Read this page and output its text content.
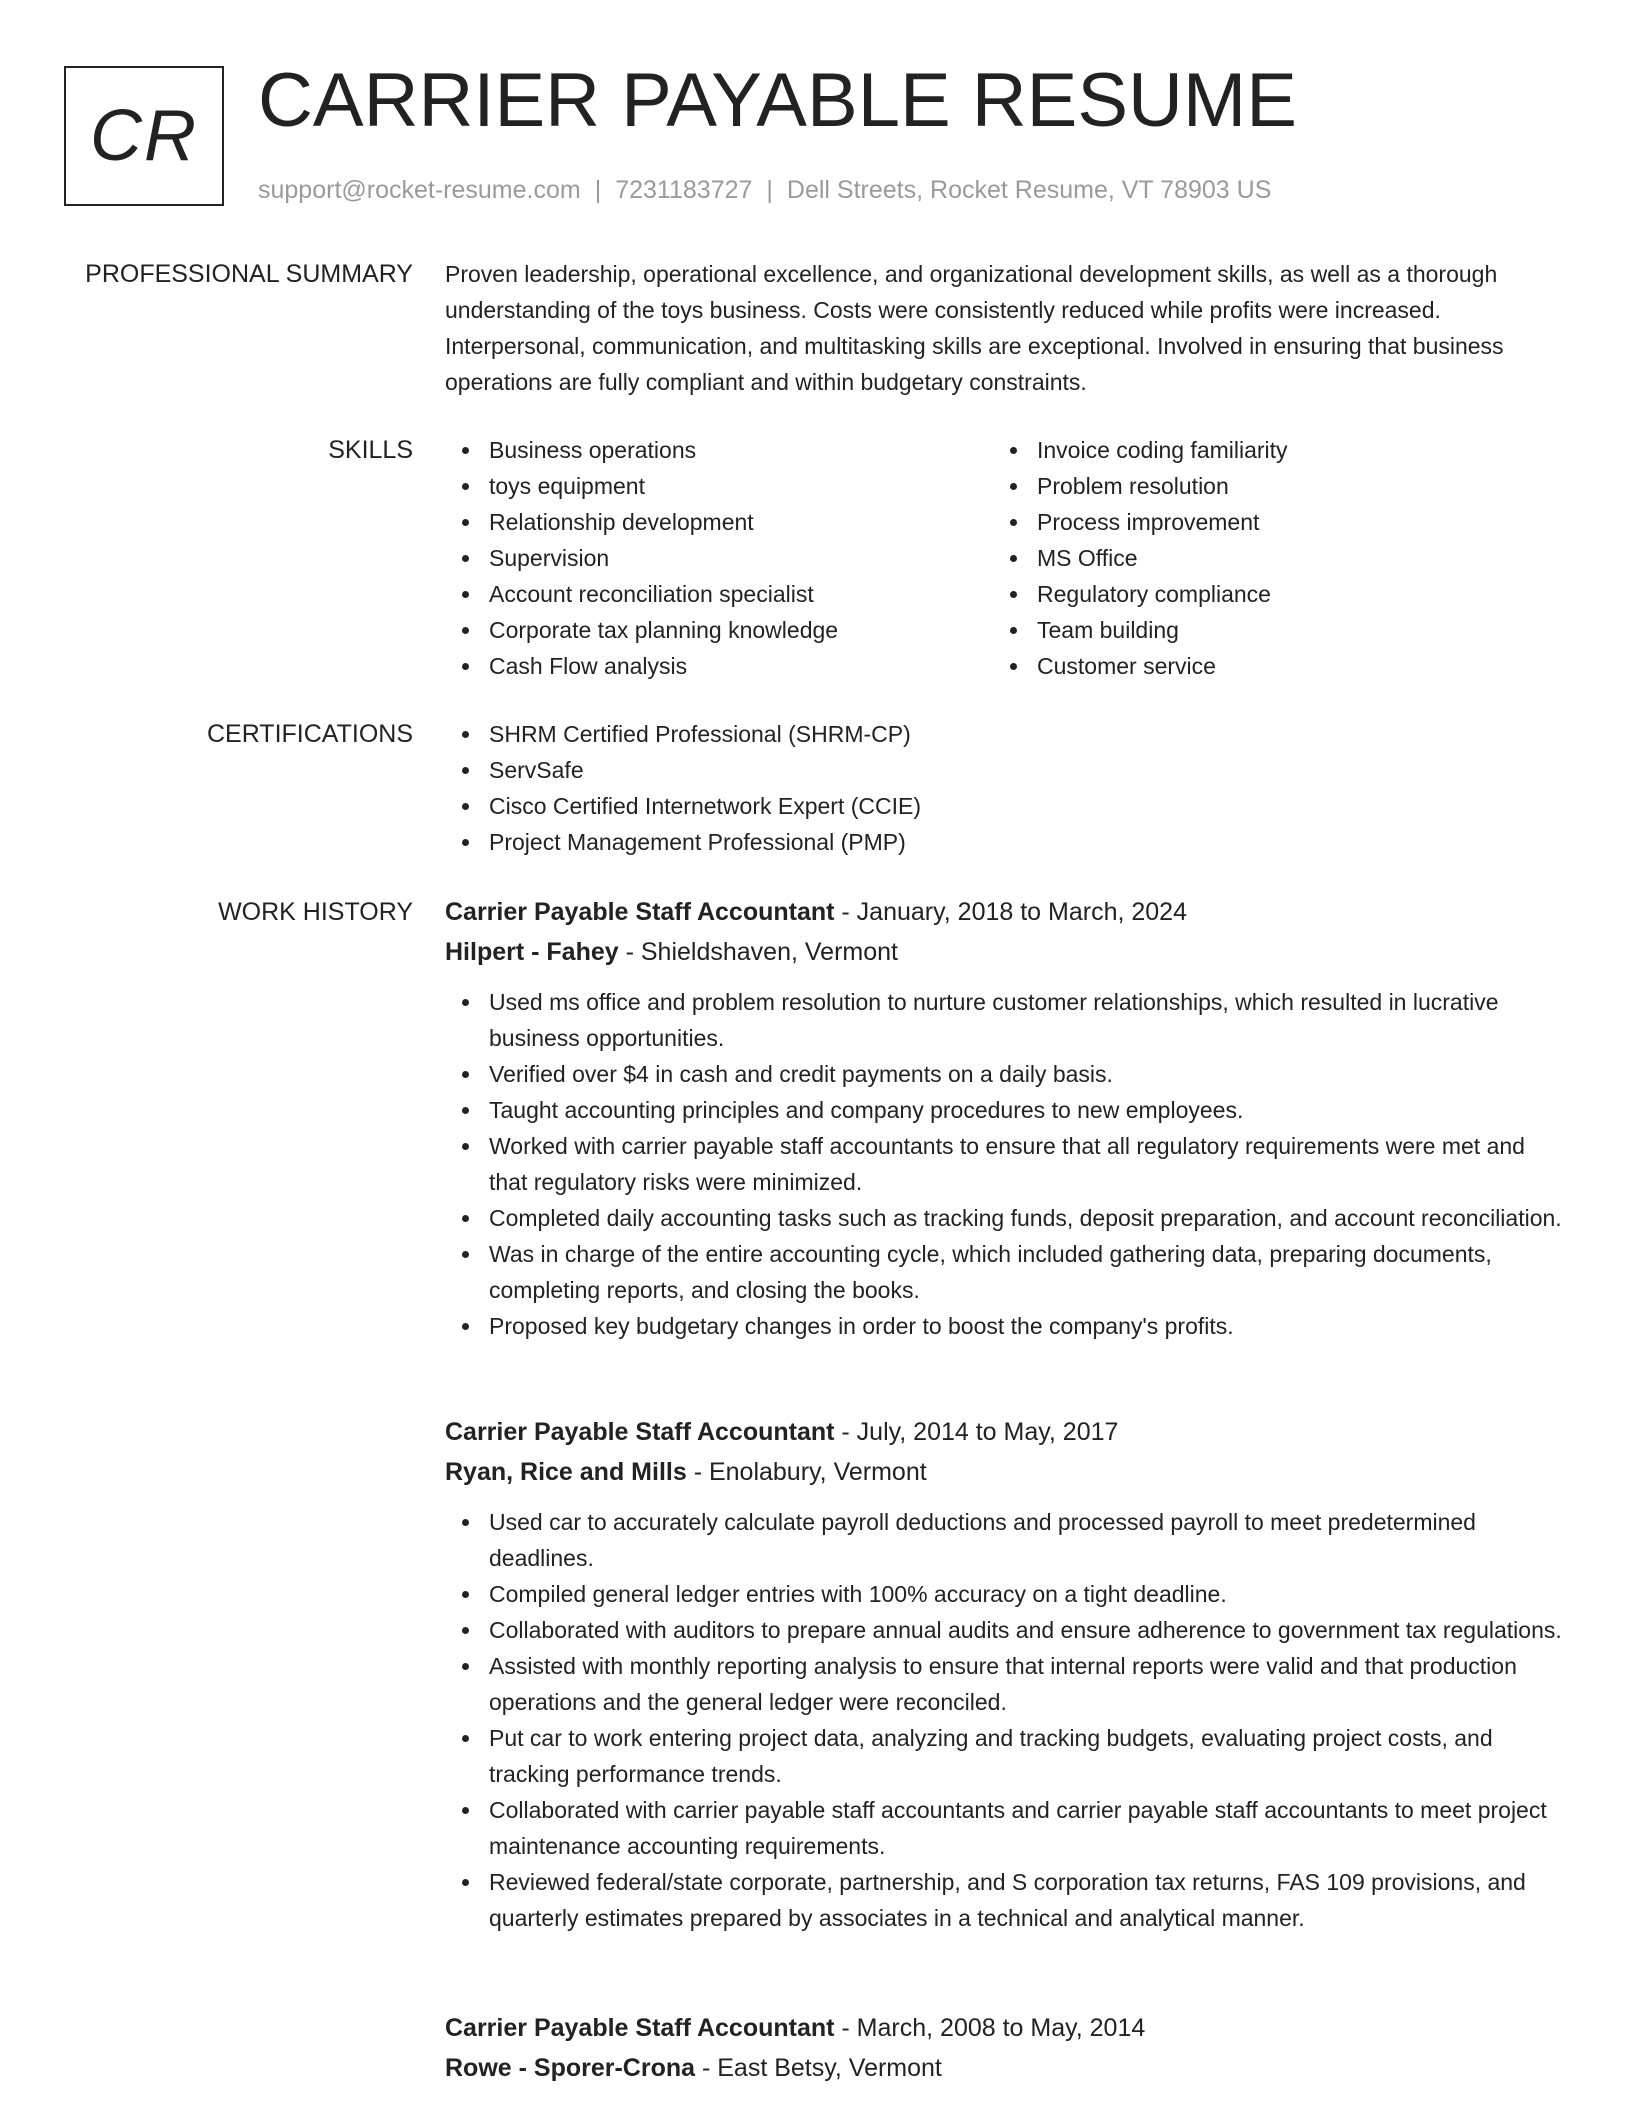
CR CARRIER PAYABLE RESUME
support@rocket-resume.com | 7231183727 | Dell Streets, Rocket Resume, VT 78903 US
PROFESSIONAL SUMMARY Proven leadership, operational excellence, and organizational development skills, as well as a thorough understanding of the toys business. Costs were consistently reduced while profits were increased. Interpersonal, communication, and multitasking skills are exceptional. Involved in ensuring that business operations are fully compliant and within budgetary constraints.

SKILLS	Business operations
toys equipment
Relationship development
Supervision
Account reconciliation specialist
Corporate tax planning knowledge
Cash Flow analysis
Invoice coding familiarity
Problem resolution
Process improvement
MS Office
Regulatory compliance
Team building
Customer service
CERTIFICATIONS	SHRM Certified Professional (SHRM-CP)
ServSafe
Cisco Certified Internetwork Expert (CCIE)
Project Management Professional (PMP)
WORK HISTORY Carrier Payable Staff Accountant - January, 2018 to March, 2024

Hilpert - Fahey - Shieldshaven, Vermont

Used ms office and problem resolution to nurture customer relationships, which resulted in lucrative business opportunities.
Verified over $4 in cash and credit payments on a daily basis.
Taught accounting principles and company procedures to new employees.
Worked with carrier payable staff accountants to ensure that all regulatory requirements were met and that regulatory risks were minimized.
Completed daily accounting tasks such as tracking funds, deposit preparation, and account reconciliation.
Was in charge of the entire accounting cycle, which included gathering data, preparing documents, completing reports, and closing the books.
Proposed key budgetary changes in order to boost the company's profits.

Carrier Payable Staff Accountant - July, 2014 to May, 2017

Ryan, Rice and Mills - Enolabury, Vermont

Used car to accurately calculate payroll deductions and processed payroll to meet predetermined deadlines.
Compiled general ledger entries with 100% accuracy on a tight deadline.
Collaborated with auditors to prepare annual audits and ensure adherence to government tax regulations.
Assisted with monthly reporting analysis to ensure that internal reports were valid and that production operations and the general ledger were reconciled.
Put car to work entering project data, analyzing and tracking budgets, evaluating project costs, and tracking performance trends.
Collaborated with carrier payable staff accountants and carrier payable staff accountants to meet project maintenance accounting requirements.
Reviewed federal/state corporate, partnership, and S corporation tax returns, FAS 109 provisions, and quarterly estimates prepared by associates in a technical and analytical manner.

Carrier Payable Staff Accountant - March, 2008 to May, 2014

Rowe - Sporer-Crona - East Betsy, Vermont
